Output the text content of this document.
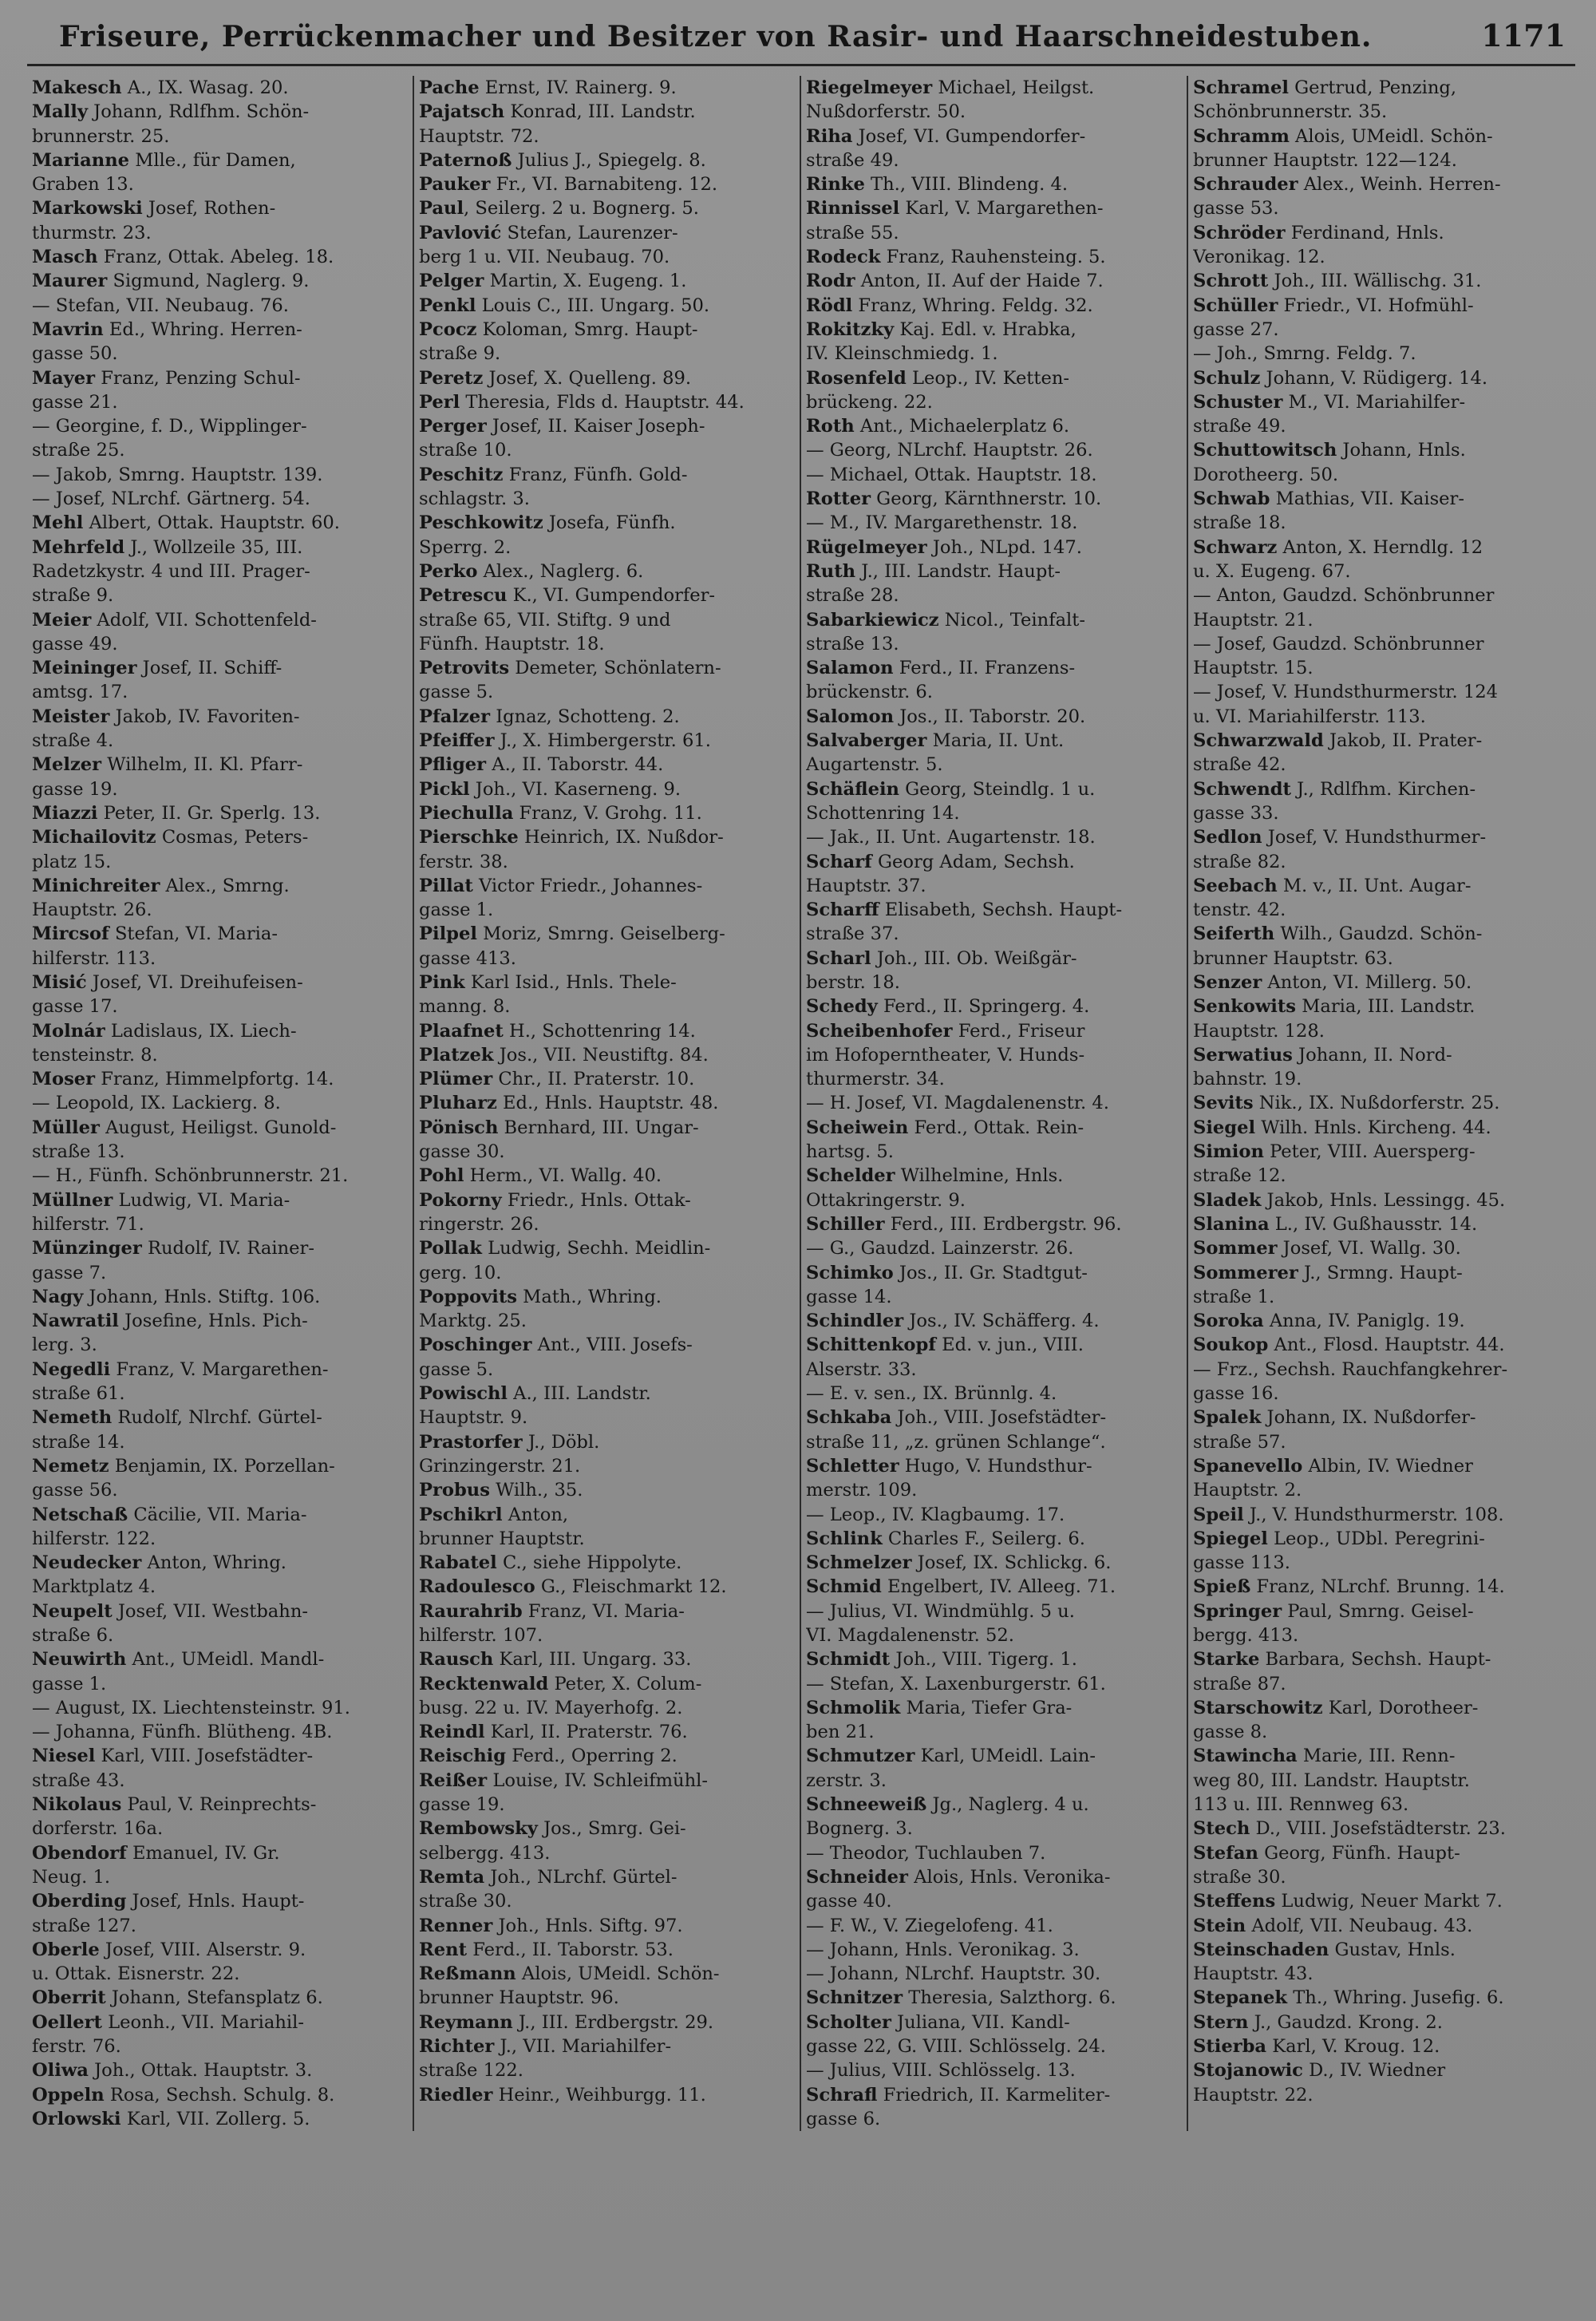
Friseure, Perrückenmacher und Besitzer von Rasir- und Haarschneidestuben.	1171

Makesch A., IX. Wasag. 20.

Mally Johann, Rdlfhm. Schön-
brunnerstr. 25.

Marianne Mlle., für Damen,
Graben 13.

Markowski Josef, Rothen-
thurmstr. 23.

Masch Franz, Ottak. Abeleg. 18.

Maurer Sigmund, Naglerg. 9.

— Stefan, VII. Neubaug. 76.

Mavrin Ed., Whring. Herren-
gasse 50.

Mayer Franz, Penzing Schul-
gasse 21.

— Georgine, f. D., Wipplinger-
straße 25.

— Jakob, Smrng. Hauptstr. 139.

— Josef, NLrchf. Gärtnerg. 54.

Mehl Albert, Ottak. Hauptstr. 60.

Mehrfeld J., Wollzeile 35, III.
Radetzkystr. 4 und III. Prager-
straße 9.

Meier Adolf, VII. Schottenfeld-
gasse 49.

Meininger Josef, II. Schiff-
amtsg. 17.

Meister Jakob, IV. Favoriten-
straße 4.

Melzer Wilhelm, II. Kl. Pfarr-
gasse 19.

Miazzi Peter, II. Gr. Sperlg. 13.

Michailovitz Cosmas, Peters-
platz 15.

Minichreiter Alex., Smrng.
Hauptstr. 26.

Mircsof Stefan, VI. Maria-
hilferstr. 113.

Misić Josef, VI. Dreihufeisen-
gasse 17.

Molnár Ladislaus, IX. Liech-
tensteinstr. 8.

Moser Franz, Himmelpfortg. 14.

— Leopold, IX. Lackierg. 8.

Müller August, Heiligst. Gunold-
straße 13.

— H., Fünfh. Schönbrunnerstr. 21.

Müllner Ludwig, VI. Maria-
hilferstr. 71.

Münzinger Rudolf, IV. Rainer-
gasse 7.

Nagy Johann, Hnls. Stiftg. 106.

Nawratil Josefine, Hnls. Pich-
lerg. 3.

Negedli Franz, V. Margarethen-
straße 61.

Nemeth Rudolf, Nlrchf. Gürtel-
straße 14.

Nemetz Benjamin, IX. Porzellan-
gasse 56.

Netschaß Cäcilie, VII. Maria-
hilferstr. 122.

Neudecker Anton, Whring.
Marktplatz 4.

Neupelt Josef, VII. Westbahn-
straße 6.

Neuwirth Ant., UMeidl. Mandl-
gasse 1.

— August, IX. Liechtensteinstr. 91.

— Johanna, Fünfh. Blütheng. 4B.

Niesel Karl, VIII. Josefstädter-
straße 43.

Nikolaus Paul, V. Reinprechts-
dorferstr. 16a.

Obendorf Emanuel, IV. Gr.
Neug. 1.

Oberding Josef, Hnls. Haupt-
straße 127.

Oberle Josef, VIII. Alserstr. 9.
u. Ottak. Eisnerstr. 22.

Oberrit Johann, Stefansplatz 6.

Oellert Leonh., VII. Mariahil-
ferstr. 76.

Oliwa Joh., Ottak. Hauptstr. 3.

Oppeln Rosa, Sechsh. Schulg. 8.

Orlowski Karl, VII. Zollerg. 5.

Pache Ernst, IV. Rainerg. 9.

Pajatsch Konrad, III. Landstr.
Hauptstr. 72.

Paternoß Julius J., Spiegelg. 8.

Pauker Fr., VI. Barnabiteng. 12.

Paul, Seilerg. 2 u. Bognerg. 5.

Pavlović Stefan, Laurenzer-
berg 1 u. VII. Neubaug. 70.

Pelger Martin, X. Eugeng. 1.

Penkl Louis C., III. Ungarg. 50.

Pcocz Koloman, Smrg. Haupt-
straße 9.

Peretz Josef, X. Quelleng. 89.

Perl Theresia, Flds d. Hauptstr. 44.

Perger Josef, II. Kaiser Joseph-
straße 10.

Peschitz Franz, Fünfh. Gold-
schlagstr. 3.

Peschkowitz Josefa, Fünfh.
Sperrg. 2.

Perko Alex., Naglerg. 6.

Petrescu K., VI. Gumpendorfer-
straße 65, VII. Stiftg. 9 und
Fünfh. Hauptstr. 18.

Petrovits Demeter, Schönlatern-
gasse 5.

Pfalzer Ignaz, Schotteng. 2.

Pfeiffer J., X. Himbergerstr. 61.

Pfliger A., II. Taborstr. 44.

Pickl Joh., VI. Kaserneng. 9.

Piechulla Franz, V. Grohg. 11.

Pierschke Heinrich, IX. Nußdor-
ferstr. 38.

Pillat Victor Friedr., Johannes-
gasse 1.

Pilpel Moriz, Smrng. Geiselberg-
gasse 413.

Pink Karl Isid., Hnls. Thele-
manng. 8.

Plaafnet H., Schottenring 14.

Platzek Jos., VII. Neustiftg. 84.

Plümer Chr., II. Praterstr. 10.

Pluharz Ed., Hnls. Hauptstr. 48.

Pönisch Bernhard, III. Ungar-
gasse 30.

Pohl Herm., VI. Wallg. 40.

Pokorny Friedr., Hnls. Ottak-
ringerstr. 26.

Pollak Ludwig, Sechh. Meidlin-
gerg. 10.

Poppovits Math., Whring.
Marktg. 25.

Poschinger Ant., VIII. Josefs-
gasse 5.

Powischl A., III. Landstr.
Hauptstr. 9.

Prastorfer J., Döbl.
Grinzingerstr. 21.

Probus Wilh., 35.

Pschikrl Anton,
brunner Hauptstr.

Rabatel C., siehe Hippolyte.

Radoulesco G., Fleischmarkt 12.

Raurahrib Franz, VI. Maria-
hilferstr. 107.

Rausch Karl, III. Ungarg. 33.

Recktenwald Peter, X. Colum-
busg. 22 u. IV. Mayerhofg. 2.

Reindl Karl, II. Praterstr. 76.

Reischig Ferd., Operring 2.

Reißer Louise, IV. Schleifmühl-
gasse 19.

Rembowsky Jos., Smrg. Gei-
selbergg. 413.

Remta Joh., NLrchf. Gürtel-
straße 30.

Renner Joh., Hnls. Siftg. 97.

Rent Ferd., II. Taborstr. 53.

Reßmann Alois, UMeidl. Schön-
brunner Hauptstr. 96.

Reymann J., III. Erdbergstr. 29.

Richter J., VII. Mariahilfer-
straße 122.

Riedler Heinr., Weihburgg. 11.

Riegelmeyer Michael, Heilgst.
Nußdorferstr. 50.

Riha Josef, VI. Gumpendorfer-
straße 49.

Rinke Th., VIII. Blindeng. 4.

Rinnissel Karl, V. Margarethen-
straße 55.

Rodeck Franz, Rauhensteing. 5.

Rodr Anton, II. Auf der Haide 7.

Rödl Franz, Whring. Feldg. 32.

Rokitzky Kaj. Edl. v. Hrabka,
IV. Kleinschmiedg. 1.

Rosenfeld Leop., IV. Ketten-
brückeng. 22.

Roth Ant., Michaelerplatz 6.

— Georg, NLrchf. Hauptstr. 26.

— Michael, Ottak. Hauptstr. 18.

Rotter Georg, Kärnthnerstr. 10.

— M., IV. Margarethenstr. 18.

Rügelmeyer Joh., NLpd. 147.

Ruth J., III. Landstr. Haupt-
straße 28.

Sabarkiewicz Nicol., Teinfalt-
straße 13.

Salamon Ferd., II. Franzens-
brückenstr. 6.

Salomon Jos., II. Taborstr. 20.

Salvaberger Maria, II. Unt.
Augartenstr. 5.

Schäflein Georg, Steindlg. 1 u.
Schottenring 14.

— Jak., II. Unt. Augartenstr. 18.

Scharf Georg Adam, Sechsh.
Hauptstr. 37.

Scharff Elisabeth, Sechsh. Haupt-
straße 37.

Scharl Joh., III. Ob. Weißgär-
berstr. 18.

Schedy Ferd., II. Springerg. 4.

Scheibenhofer Ferd., Friseur
im Hofoperntheater, V. Hunds-
thurmerstr. 34.

— H. Josef, VI. Magdalenenstr. 4.

Scheiwein Ferd., Ottak. Rein-
hartsg. 5.

Schelder Wilhelmine, Hnls.
Ottakringerstr. 9.

Schiller Ferd., III. Erdbergstr. 96.

— G., Gaudzd. Lainzerstr. 26.

Schimko Jos., II. Gr. Stadtgut-
gasse 14.

Schindler Jos., IV. Schäfferg. 4.

Schittenkopf Ed. v. jun., VIII.
Alserstr. 33.

— E. v. sen., IX. Brünnlg. 4.

Schkaba Joh., VIII. Josefstädter-
straße 11, „z. grünen Schlange“.

Schletter Hugo, V. Hundsthur-
merstr. 109.

— Leop., IV. Klagbaumg. 17.

Schlink Charles F., Seilerg. 6.

Schmelzer Josef, IX. Schlickg. 6.

Schmid Engelbert, IV. Alleeg. 71.

— Julius, VI. Windmühlg. 5 u.
VI. Magdalenenstr. 52.

Schmidt Joh., VIII. Tigerg. 1.

— Stefan, X. Laxenburgerstr. 61.

Schmolik Maria, Tiefer Gra-
ben 21.

Schmutzer Karl, UMeidl. Lain-
zerstr. 3.

Schneeweiß Jg., Naglerg. 4 u.
Bognerg. 3.

— Theodor, Tuchlauben 7.

Schneider Alois, Hnls. Veronika-
gasse 40.

— F. W., V. Ziegelofeng. 41.

— Johann, Hnls. Veronikag. 3.

— Johann, NLrchf. Hauptstr. 30.

Schnitzer Theresia, Salzthorg. 6.

Scholter Juliana, VII. Kandl-
gasse 22, G. VIII. Schlösselg. 24.

— Julius, VIII. Schlösselg. 13.

Schrafl Friedrich, II. Karmeliter-
gasse 6.

Schramel Gertrud, Penzing,
Schönbrunnerstr. 35.

Schramm Alois, UMeidl. Schön-
brunner Hauptstr. 122—124.

Schrauder Alex., Weinh. Herren-
gasse 53.

Schröder Ferdinand, Hnls.
Veronikag. 12.

Schrott Joh., III. Wällischg. 31.

Schüller Friedr., VI. Hofmühl-
gasse 27.

— Joh., Smrng. Feldg. 7.

Schulz Johann, V. Rüdigerg. 14.

Schuster M., VI. Mariahilfer-
straße 49.

Schuttowitsch Johann, Hnls.
Dorotheerg. 50.

Schwab Mathias, VII. Kaiser-
straße 18.

Schwarz Anton, X. Herndlg. 12
u. X. Eugeng. 67.

— Anton, Gaudzd. Schönbrunner
Hauptstr. 21.

— Josef, Gaudzd. Schönbrunner
Hauptstr. 15.

— Josef, V. Hundsthurmerstr. 124
u. VI. Mariahilferstr. 113.

Schwarzwald Jakob, II. Prater-
straße 42.

Schwendt J., Rdlfhm. Kirchen-
gasse 33.

Sedlon Josef, V. Hundsthurmer-
straße 82.

Seebach M. v., II. Unt. Augar-
tenstr. 42.

Seiferth Wilh., Gaudzd. Schön-
brunner Hauptstr. 63.

Senzer Anton, VI. Millerg. 50.

Senkowits Maria, III. Landstr.
Hauptstr. 128.

Serwatius Johann, II. Nord-
bahnstr. 19.

Sevits Nik., IX. Nußdorferstr. 25.

Siegel Wilh. Hnls. Kircheng. 44.

Simion Peter, VIII. Auersperg-
straße 12.

Sladek Jakob, Hnls. Lessingg. 45.

Slanina L., IV. Gußhausstr. 14.

Sommer Josef, VI. Wallg. 30.

Sommerer J., Srmng. Haupt-
straße 1.

Soroka Anna, IV. Paniglg. 19.

Soukop Ant., Flosd. Hauptstr. 44.

— Frz., Sechsh. Rauchfangkehrer-
gasse 16.

Spalek Johann, IX. Nußdorfer-
straße 57.

Spanevello Albin, IV. Wiedner
Hauptstr. 2.

Speil J., V. Hundsthurmerstr. 108.

Spiegel Leop., UDbl. Peregrini-
gasse 113.

Spieß Franz, NLrchf. Brunng. 14.

Springer Paul, Smrng. Geisel-
bergg. 413.

Starke Barbara, Sechsh. Haupt-
straße 87.

Starschowitz Karl, Dorotheer-
gasse 8.

Stawincha Marie, III. Renn-
weg 80, III. Landstr. Hauptstr.
113 u. III. Rennweg 63.

Stech D., VIII. Josefstädterstr. 23.

Stefan Georg, Fünfh. Haupt-
straße 30.

Steffens Ludwig, Neuer Markt 7.

Stein Adolf, VII. Neubaug. 43.

Steinschaden Gustav, Hnls.
Hauptstr. 43.

Stepanek Th., Whring. Jusefig. 6.

Stern J., Gaudzd. Krong. 2.

Stierba Karl, V. Kroug. 12.

Stojanowic D., IV. Wiedner
Hauptstr. 22.
